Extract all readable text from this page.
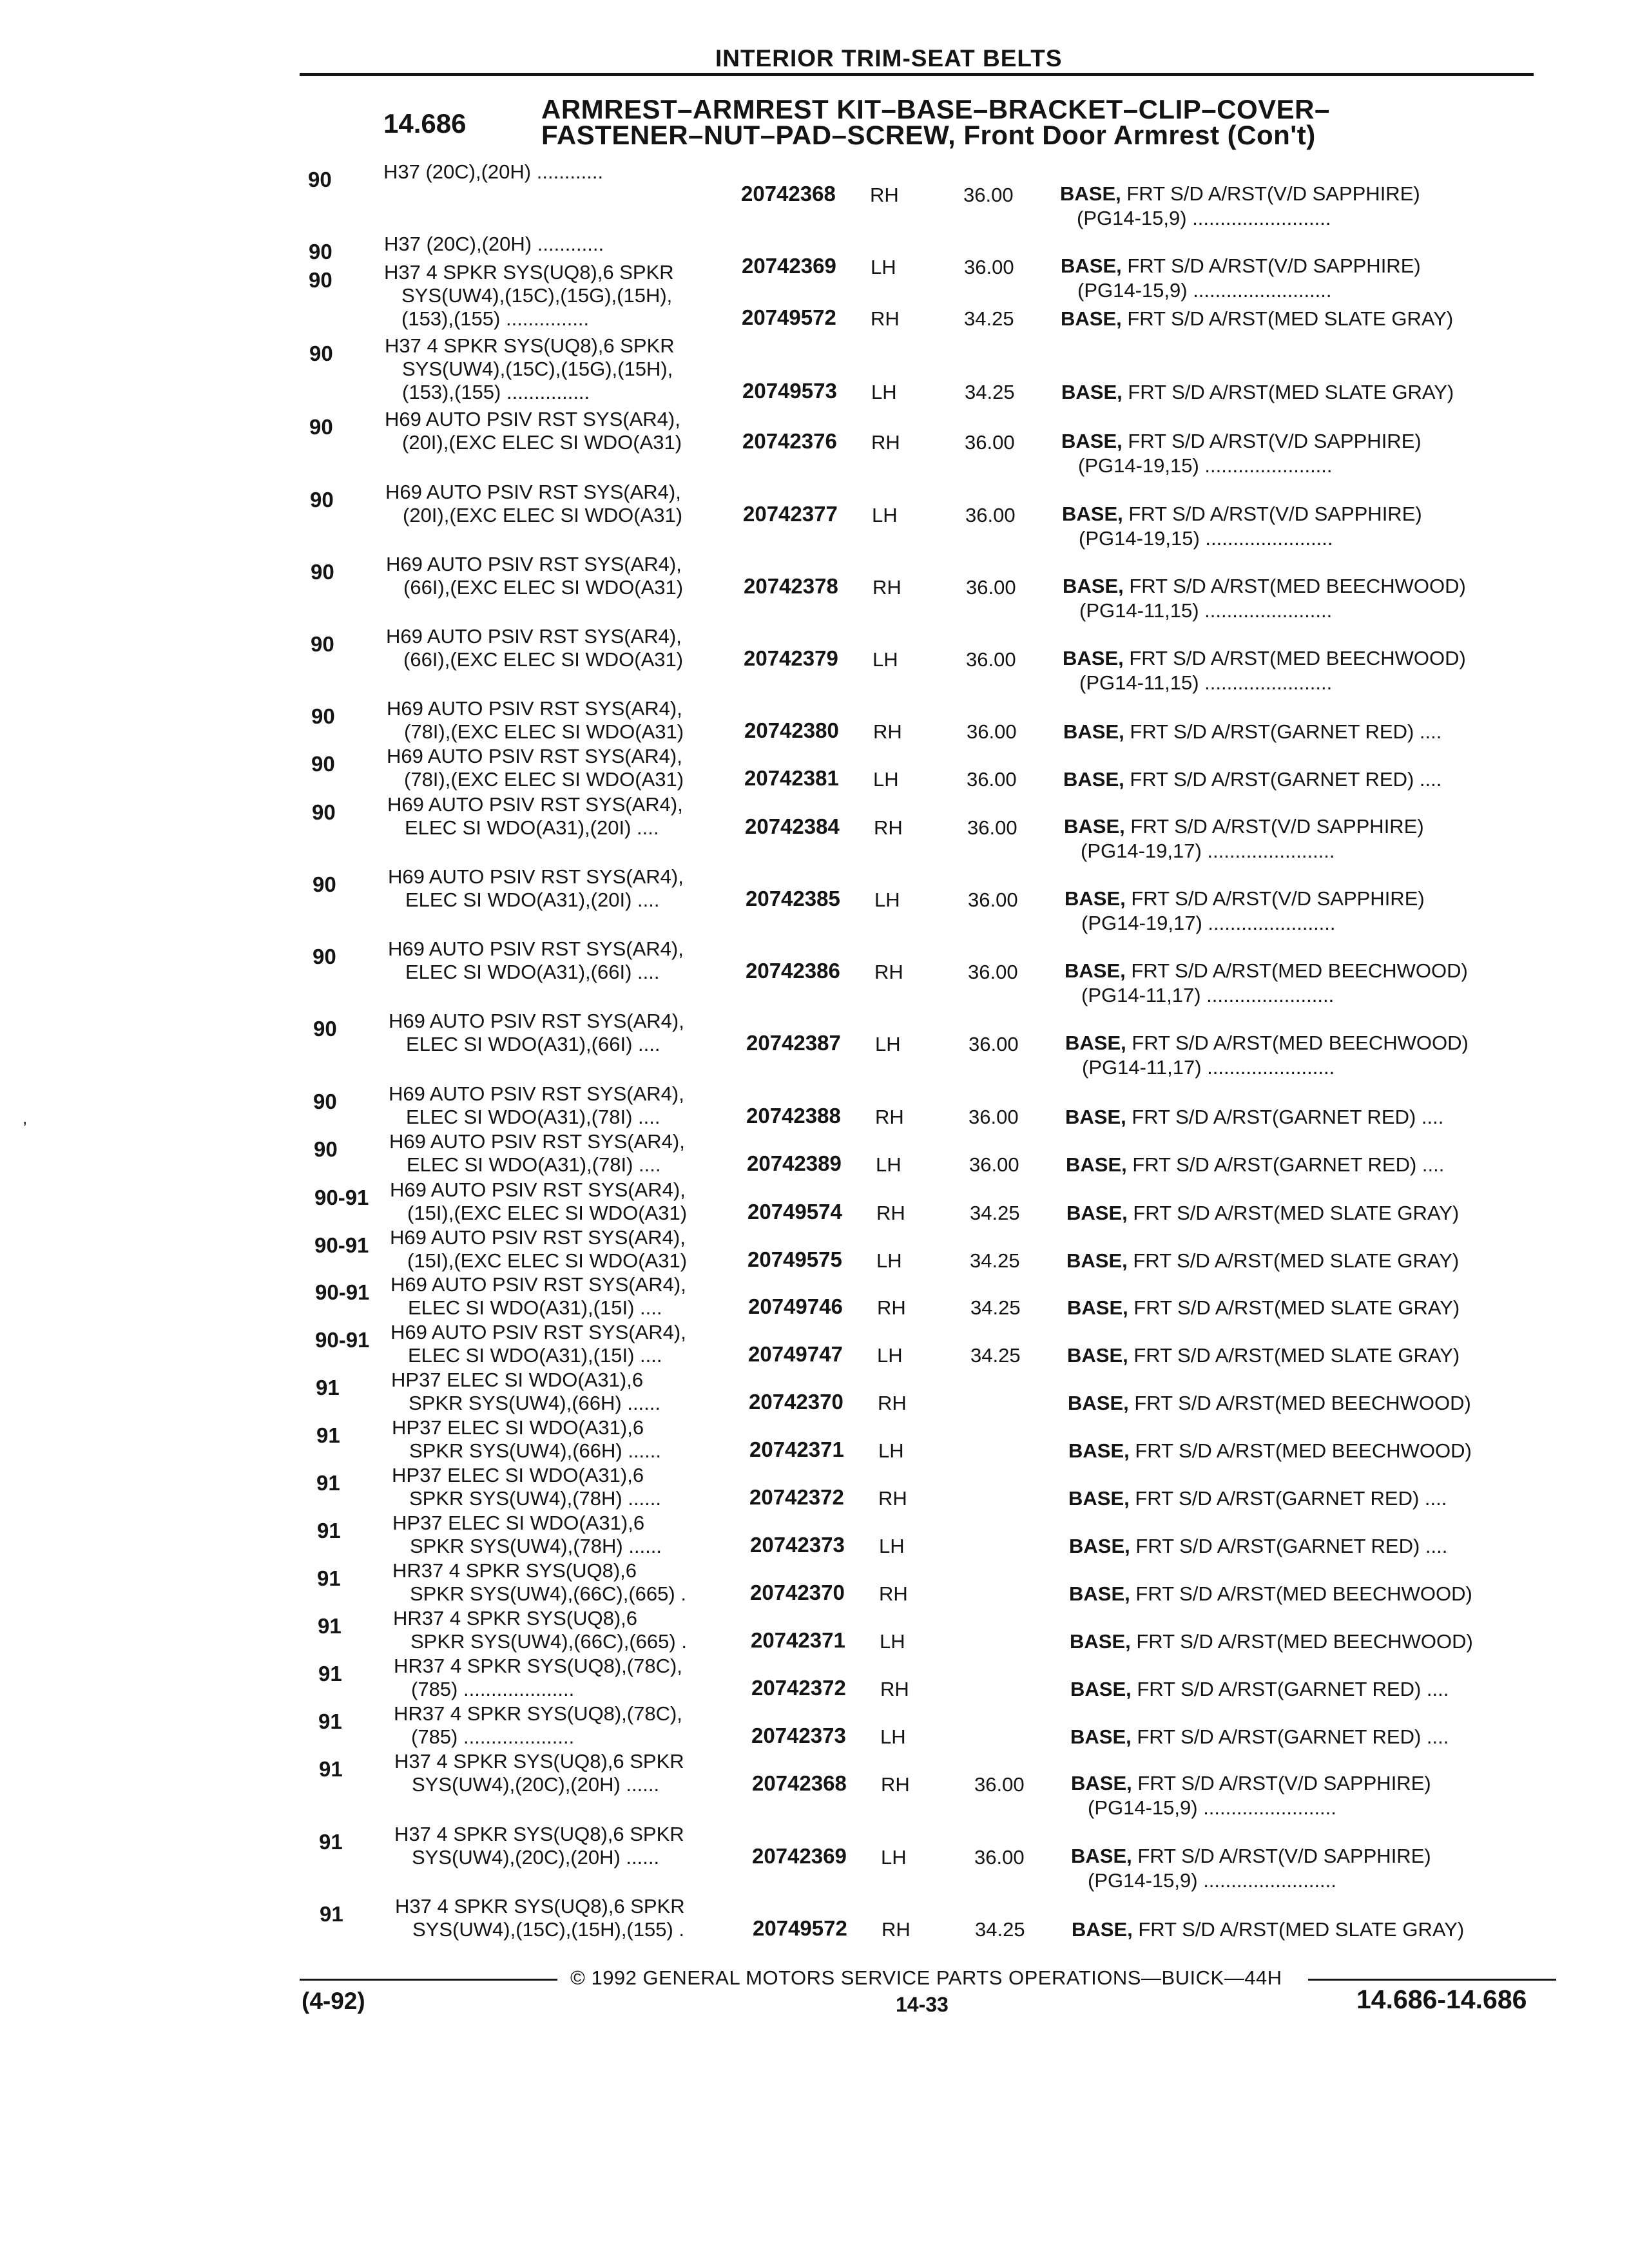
INTERIOR TRIM-SEAT BELTS
14.686	ARMREST–ARMREST KIT–BASE–BRACKET–CLIP–COVER–
FASTENER–NUT–PAD–SCREW, Front Door Armrest (Con't)
90	H37 (20C),(20H) ............
20742368 RH	36.00 BASE, FRT S/D A/RST(V/D SAPPHIRE)
(PG14-15,9) .........................
90	H37 (20C),(20H) ............
20742369 LH	36.00 BASE, FRT S/D A/RST(V/D SAPPHIRE)
(PG14-15,9) .........................
90	H37 4 SPKR SYS(UQ8),6 SPKR
SYS(UW4),(15C),(15G),(15H),
(153),(155) ...............	20749572 RH	34.25 BASE, FRT S/D A/RST(MED SLATE GRAY)
90	H37 4 SPKR SYS(UQ8),6 SPKR
SYS(UW4),(15C),(15G),(15H),
(153),(155) ...............	20749573 LH	34.25 BASE, FRT S/D A/RST(MED SLATE GRAY)
90	H69 AUTO PSIV RST SYS(AR4),
(20I),(EXC ELEC SI WDO(A31)	20742376 RH	36.00 BASE, FRT S/D A/RST(V/D SAPPHIRE)
(PG14-19,15) .......................
90	H69 AUTO PSIV RST SYS(AR4),
(20I),(EXC ELEC SI WDO(A31)	20742377 LH	36.00 BASE, FRT S/D A/RST(V/D SAPPHIRE)
(PG14-19,15) .......................
90	H69 AUTO PSIV RST SYS(AR4),
(66I),(EXC ELEC SI WDO(A31)	20742378 RH	36.00 BASE, FRT S/D A/RST(MED BEECHWOOD)
(PG14-11,15) .......................
90	H69 AUTO PSIV RST SYS(AR4),
(66I),(EXC ELEC SI WDO(A31)	20742379 LH	36.00 BASE, FRT S/D A/RST(MED BEECHWOOD)
(PG14-11,15) .......................
90	H69 AUTO PSIV RST SYS(AR4),
(78I),(EXC ELEC SI WDO(A31)	20742380 RH	36.00 BASE, FRT S/D A/RST(GARNET RED) ....
90	H69 AUTO PSIV RST SYS(AR4),
(78I),(EXC ELEC SI WDO(A31)	20742381 LH	36.00 BASE, FRT S/D A/RST(GARNET RED) ....
90	H69 AUTO PSIV RST SYS(AR4),
ELEC SI WDO(A31),(20I) ....	20742384 RH	36.00 BASE, FRT S/D A/RST(V/D SAPPHIRE)
(PG14-19,17) .......................
90	H69 AUTO PSIV RST SYS(AR4),
ELEC SI WDO(A31),(20I) ....	20742385 LH	36.00 BASE, FRT S/D A/RST(V/D SAPPHIRE)
(PG14-19,17) .......................
90	H69 AUTO PSIV RST SYS(AR4),
ELEC SI WDO(A31),(66I) ....	20742386 RH	36.00 BASE, FRT S/D A/RST(MED BEECHWOOD)
(PG14-11,17) .......................
90	H69 AUTO PSIV RST SYS(AR4),
ELEC SI WDO(A31),(66I) ....	20742387 LH	36.00 BASE, FRT S/D A/RST(MED BEECHWOOD)
(PG14-11,17) .......................
90	H69 AUTO PSIV RST SYS(AR4),
ELEC SI WDO(A31),(78I) ....	20742388 RH	36.00 BASE, FRT S/D A/RST(GARNET RED) ....
90	H69 AUTO PSIV RST SYS(AR4),
ELEC SI WDO(A31),(78I) ....	20742389 LH	36.00 BASE, FRT S/D A/RST(GARNET RED) ....
90-91 H69 AUTO PSIV RST SYS(AR4),
(15I),(EXC ELEC SI WDO(A31)	20749574 RH	34.25 BASE, FRT S/D A/RST(MED SLATE GRAY)
90-91 H69 AUTO PSIV RST SYS(AR4),
(15I),(EXC ELEC SI WDO(A31)	20749575 LH	34.25 BASE, FRT S/D A/RST(MED SLATE GRAY)
90-91 H69 AUTO PSIV RST SYS(AR4),
ELEC SI WDO(A31),(15I) ....	20749746 RH	34.25 BASE, FRT S/D A/RST(MED SLATE GRAY)
90-91 H69 AUTO PSIV RST SYS(AR4),
ELEC SI WDO(A31),(15I) ....	20749747 LH	34.25 BASE, FRT S/D A/RST(MED SLATE GRAY)
91	HP37 ELEC SI WDO(A31),6
SPKR SYS(UW4),(66H) ......	20742370 RH	BASE, FRT S/D A/RST(MED BEECHWOOD)
91	HP37 ELEC SI WDO(A31),6
SPKR SYS(UW4),(66H) ......	20742371 LH	BASE, FRT S/D A/RST(MED BEECHWOOD)
91	HP37 ELEC SI WDO(A31),6
SPKR SYS(UW4),(78H) ......	20742372 RH	BASE, FRT S/D A/RST(GARNET RED) ....
91	HP37 ELEC SI WDO(A31),6
SPKR SYS(UW4),(78H) ......	20742373 LH	BASE, FRT S/D A/RST(GARNET RED) ....
91	HR37 4 SPKR SYS(UQ8),6
SPKR SYS(UW4),(66C),(665) .	20742370 RH	BASE, FRT S/D A/RST(MED BEECHWOOD)
91	HR37 4 SPKR SYS(UQ8),6
SPKR SYS(UW4),(66C),(665) .	20742371 LH	BASE, FRT S/D A/RST(MED BEECHWOOD)
91	HR37 4 SPKR SYS(UQ8),(78C),
(785) ....................	20742372 RH	BASE, FRT S/D A/RST(GARNET RED) ....
91	HR37 4 SPKR SYS(UQ8),(78C),
(785) ....................	20742373 LH	BASE, FRT S/D A/RST(GARNET RED) ....
91	H37 4 SPKR SYS(UQ8),6 SPKR
SYS(UW4),(20C),(20H) ......	20742368 RH	36.00 BASE, FRT S/D A/RST(V/D SAPPHIRE)
(PG14-15,9) ........................
91	H37 4 SPKR SYS(UQ8),6 SPKR
SYS(UW4),(20C),(20H) ......	20742369 LH	36.00 BASE, FRT S/D A/RST(V/D SAPPHIRE)
(PG14-15,9) ........................
91	H37 4 SPKR SYS(UQ8),6 SPKR
SYS(UW4),(15C),(15H),(155) .	20749572 RH	34.25 BASE, FRT S/D A/RST(MED SLATE GRAY)
,
© 1992 GENERAL MOTORS SERVICE PARTS OPERATIONS—BUICK—44H
(4-92)	14-33	14.686-14.686
